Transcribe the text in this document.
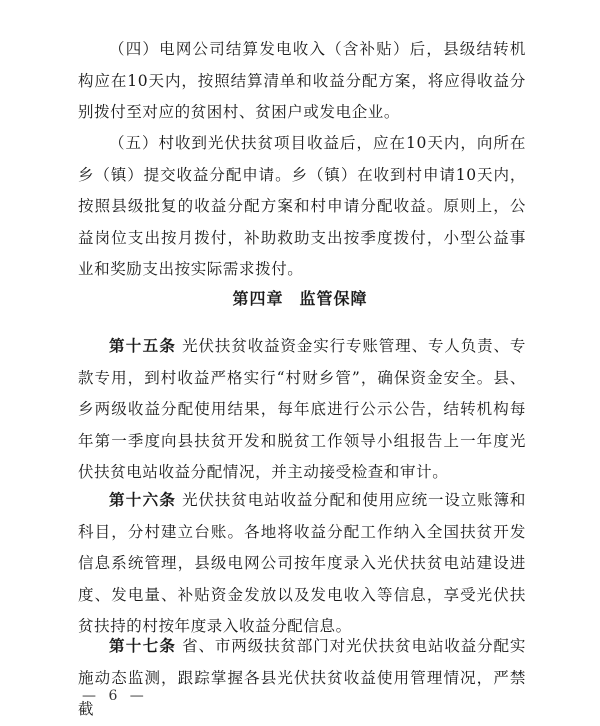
（四）电网公司结算发电收入（含补贴）后，县级结转机构应在10天内，按照结算清单和收益分配方案，将应得收益分别拨付至对应的贫困村、贫困户或发电企业。

（五）村收到光伏扶贫项目收益后，应在10天内，向所在乡（镇）提交收益分配申请。乡（镇）在收到村申请10天内，按照县级批复的收益分配方案和村申请分配收益。原则上，公益岗位支出按月拨付，补助救助支出按季度拨付，小型公益事业和奖励支出按实际需求拨付。

第四章 监管保障

第十五条 光伏扶贫收益资金实行专账管理、专人负责、专款专用，到村收益严格实行“村财乡管”，确保资金安全。县、乡两级收益分配使用结果，每年底进行公示公告，结转机构每年第一季度向县扶贫开发和脱贫工作领导小组报告上一年度光伏扶贫电站收益分配情况，并主动接受检查和审计。

第十六条 光伏扶贫电站收益分配和使用应统一设立账簿和科目，分村建立台账。各地将收益分配工作纳入全国扶贫开发信息系统管理，县级电网公司按年度录入光伏扶贫电站建设进度、发电量、补贴资金发放以及发电收入等信息，享受光伏扶贫扶持的村按年度录入收益分配信息。

第十七条 省、市两级扶贫部门对光伏扶贫电站收益分配实施动态监测，跟踪掌握各县光伏扶贫收益使用管理情况，严禁截

— 6 —
